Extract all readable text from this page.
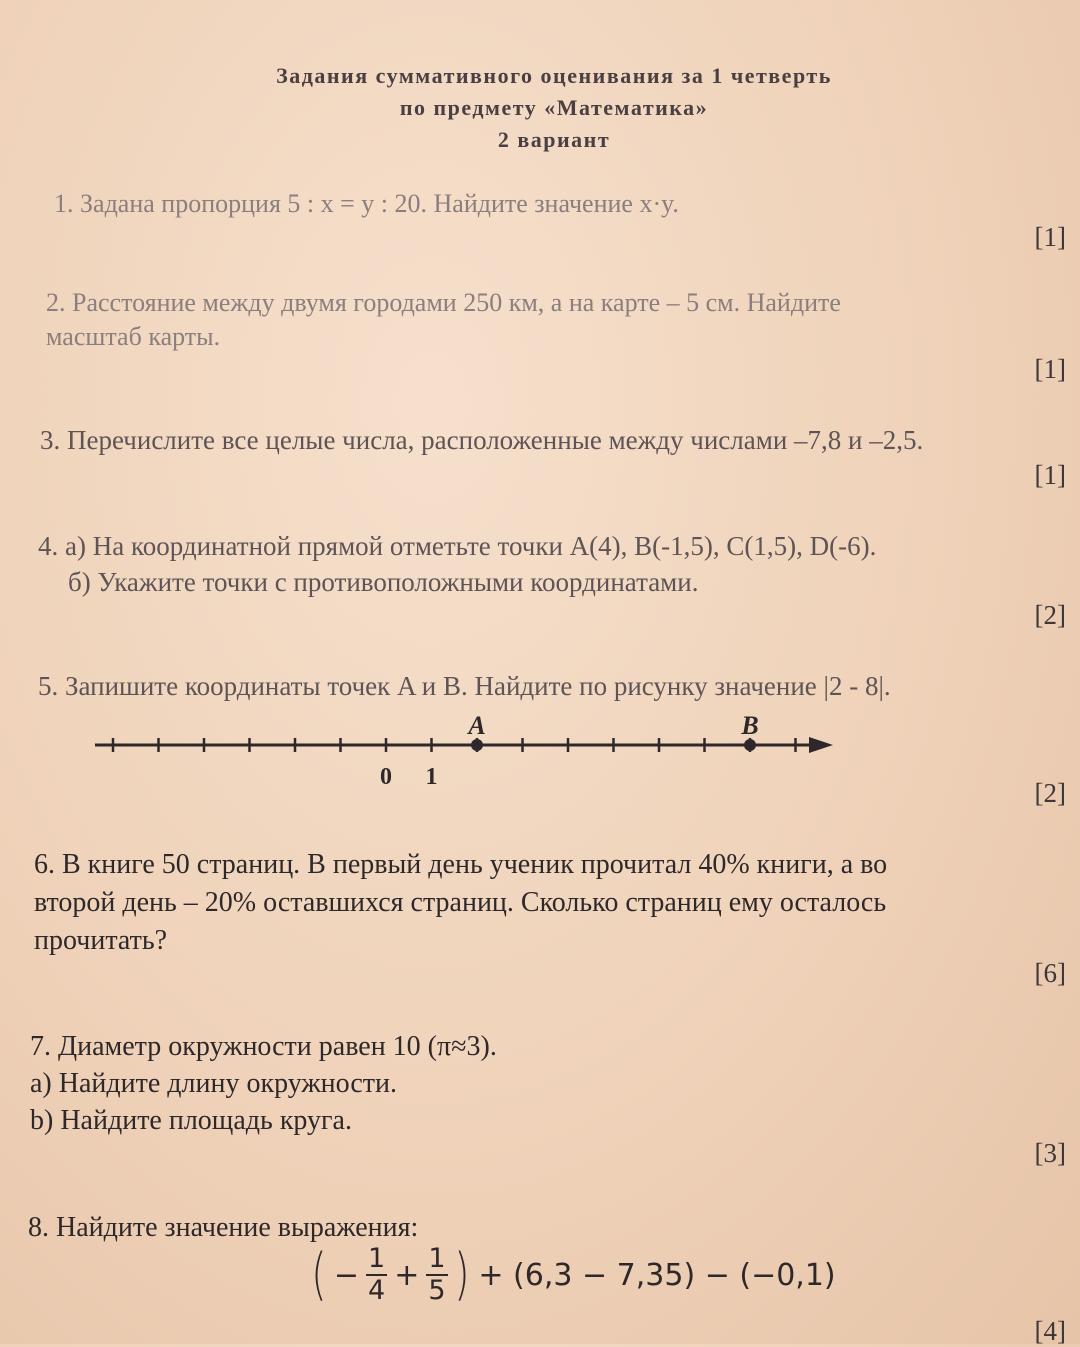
Задания суммативного оценивания за 1 четверть
по предмету «Математика»
2 вариант
1. Задана пропорция 5 : x = y : 20. Найдите значение x·y.
[1]
2. Расстояние между двумя городами 250 км, а на карте – 5 см. Найдите
масштаб карты.
[1]
3. Перечислите все целые числа, расположенные между числами –7,8 и –2,5.
[1]
4. а) На координатной прямой отметьте точки A(4), B(-1,5), C(1,5), D(-6).
б) Укажите точки с противоположными координатами.
[2]
5. Запишите координаты точек A и B. Найдите по рисунку значение |2 - 8|.
A	B
0 1
[2]
6. В книге 50 страниц. В первый день ученик прочитал 40% книги, а во
второй день – 20% оставшихся страниц. Сколько страниц ему осталось
прочитать?
[6]
7. Диаметр окружности равен 10 (π≈3).
а) Найдите длину окружности.
b) Найдите площадь круга.
[3]
8. Найдите значение выражения:
( − $\frac{1}{4} + \frac{1}{5}$ ) + (6,3 − 7,35) − (−0,1)
[4]
